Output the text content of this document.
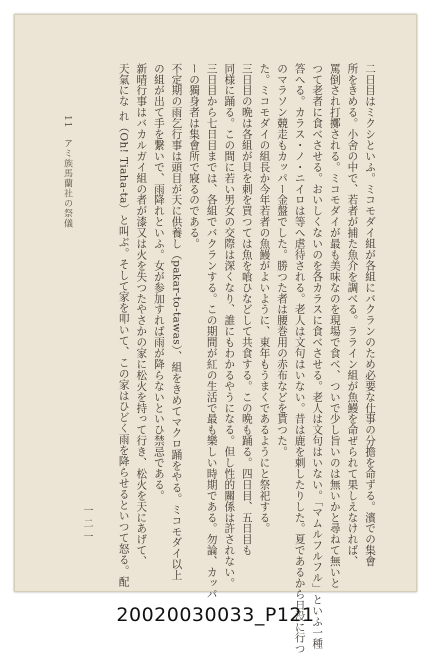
11　アミ族馬蘭社の祭儀	二日目はミクシといふ。ミコモダイ組が各組にバクランのため必要な仕事の分擔を命ずる。濱での集會
所をきめる。小舍の中で、若者が捕た魚介を調べる。ラライン組が魚鰻を命ぜられて果しえなければ、
罵倒され打擲される。ミコモダイが最も美味なのを現場で食べ、ついで少し旨いのは無いかと尋ねて無いと
つて老者に食べさせる。おいしくないのを各カラスに食べさせる。老人は文句はいない。「マムルフルフル」といふ一種
答へる。カラス・ノ・ニイロは等へ虐待される。老人は文句はいない。昔は鹿を刺したりした。夏であるから日没に行つ
のマラソン競走もカッパー金盤でした。勝つた者は腰巻用の赤布などを貰つた。
た。ミコモダイの組長か今年若者の魚鰻がよいように、東年もうまくであるようにと祭祀する。
三日目の晩は各組が貝を刺を買つては魚を喰ひなどして共食する。この晩も踊る。四日目、五日目も
同様に踊る。この間に若い男女の交際は深くなり、誰にもわかるやうになる。但し性的關係は許されない。
三日目から七日目までは、各組でバクランする。この期間が紅の生活で最も樂しい時期である。勿論、カッパ
ーの獨身者は集會所で寢るのである。
不定期の雨乞行事は頭目が天に供養し（pakar-to-tawas）、組をきめてマクロ踊をやる。ミコモダイ以上
の組が出て手を繋いで、雨降れといふ。女が参加すれば雨が降らないといひ禁忌である。
新晴行事はバカルガイ組の者が漆又は火を失つたやさかの家に松火を持って行き、松火を天にあげて、
天氣にな れ（Oh! Tiaha-ta）と叫ぶ。そして家を叩いて、この家はひどく雨を降らせるといつて怒る。配
一二一
20020030033_P121
